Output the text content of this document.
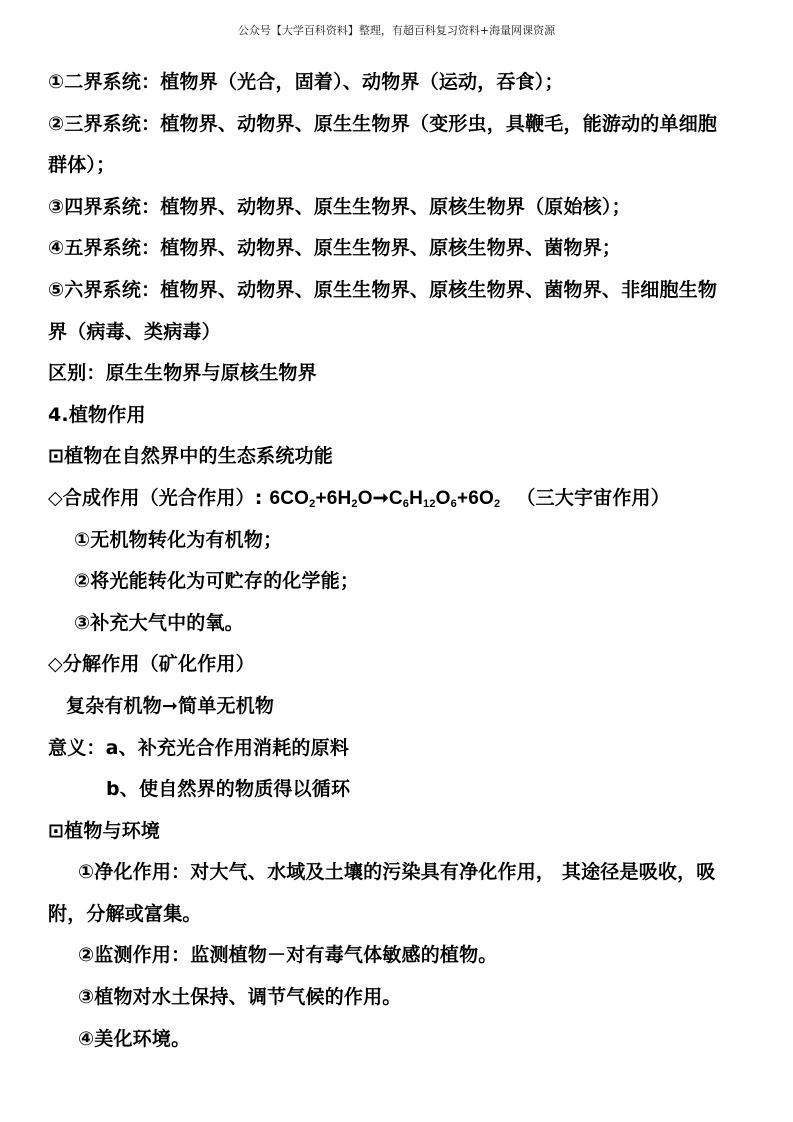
公众号【大学百科资料】整理，有超百科复习资料+海量网课资源
①二界系统：植物界（光合，固着）、动物界（运动，吞食）；
②三界系统：植物界、动物界、原生生物界（变形虫，具鞭毛，能游动的单细胞
群体）；
③四界系统：植物界、动物界、原生生物界、原核生物界（原始核）；
④五界系统：植物界、动物界、原生生物界、原核生物界、菌物界；
⑤六界系统：植物界、动物界、原生生物界、原核生物界、菌物界、非细胞生物
界（病毒、类病毒）
区别：原生生物界与原核生物界
4.植物作用
⊡植物在自然界中的生态系统功能
◇合成作用（光合作用）: $6CO_2+6H_2O➞C_6H_{12}O_6+6O_2$ （三大宇宙作用）
①无机物转化为有机物；
②将光能转化为可贮存的化学能；
③补充大气中的氧。
◇分解作用（矿化作用）
复杂有机物➞简单无机物
意义：a、补充光合作用消耗的原料
b、使自然界的物质得以循环
⊡植物与环境
①净化作用：对大气、水域及土壤的污染具有净化作用， 其途径是吸收，吸
附，分解或富集。
②监测作用：监测植物－对有毒气体敏感的植物。
③植物对水土保持、调节气候的作用。
④美化环境。
